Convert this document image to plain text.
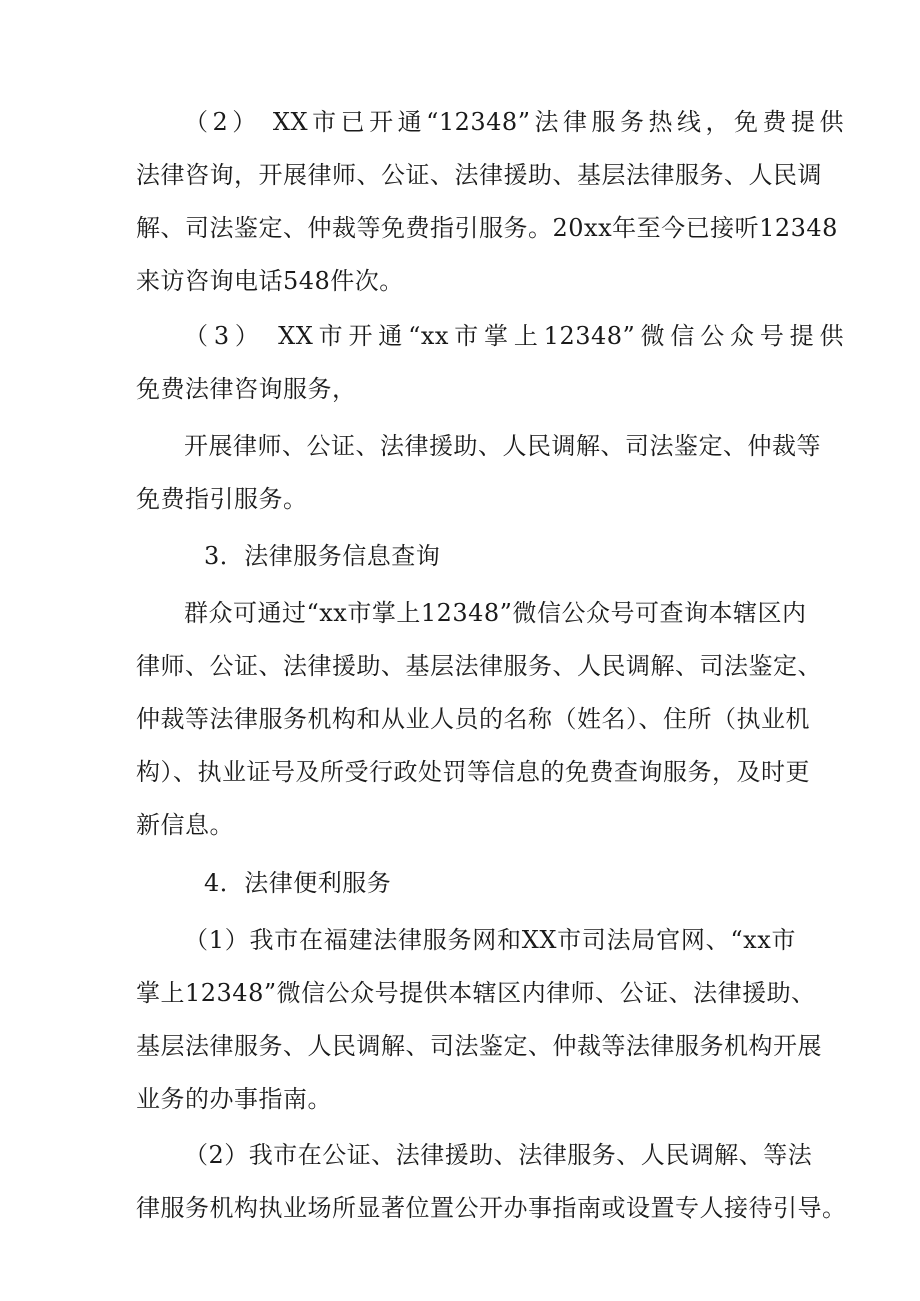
（2） XX市已开通“12348”法律服务热线，免费提供
法律咨询，开展律师、公证、法律援助、基层法律服务、人民调
解、司法鉴定、仲裁等免费指引服务。20xx年至今已接听12348
来访咨询电话548件次。
（3） XX市开通“xx市掌上12348”微信公众号提供
免费法律咨询服务，
开展律师、公证、法律援助、人民调解、司法鉴定、仲裁等
免费指引服务。
3．法律服务信息查询
群众可通过“xx市掌上12348”微信公众号可查询本辖区内
律师、公证、法律援助、基层法律服务、人民调解、司法鉴定、
仲裁等法律服务机构和从业人员的名称（姓名）、住所（执业机
构）、执业证号及所受行政处罚等信息的免费查询服务，及时更
新信息。
4．法律便利服务
（1）我市在福建法律服务网和XX市司法局官网、“xx市
掌上12348”微信公众号提供本辖区内律师、公证、法律援助、
基层法律服务、人民调解、司法鉴定、仲裁等法律服务机构开展
业务的办事指南。
（2）我市在公证、法律援助、法律服务、人民调解、等法
律服务机构执业场所显著位置公开办事指南或设置专人接待引导。
